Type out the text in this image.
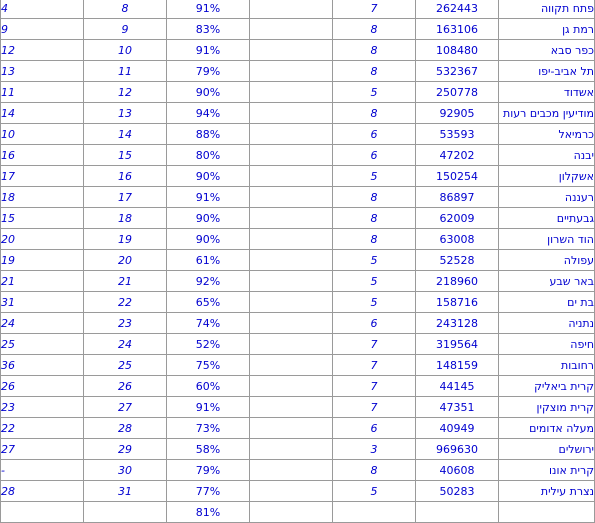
4	8	91%		7	262443	פתח תקווה
9	9	83%		8	163106	רמת גן
12	10	91%		8	108480	כפר סבא
13	11	79%		8	532367	תל אביב-יפו
11	12	90%		5	250778	אשדוד
14	13	94%		8	92905	מודיעין מכבים רעות
10	14	88%		6	53593	כרמיאל
16	15	80%		6	47202	יבנה
17	16	90%		5	150254	אשקלון
18	17	91%		8	86897	רעננה
15	18	90%		8	62009	גבעתיים
20	19	90%		8	63008	הוד השרון
19	20	61%		5	52528	עפולה
21	21	92%		5	218960	באר שבע
31	22	65%		5	158716	בת ים
24	23	74%		6	243128	נתניה
25	24	52%		7	319564	חיפה
36	25	75%		7	148159	רחובות
26	26	60%		7	44145	קרית ביאליק
23	27	91%		7	47351	קרית מוצקין
22	28	73%		6	40949	מעלה אדומים
27	29	58%		3	969630	ירושלים
-	30	79%		8	40608	קרית אונו
28	31	77%		5	50283	נצרת עילית
		81%				
